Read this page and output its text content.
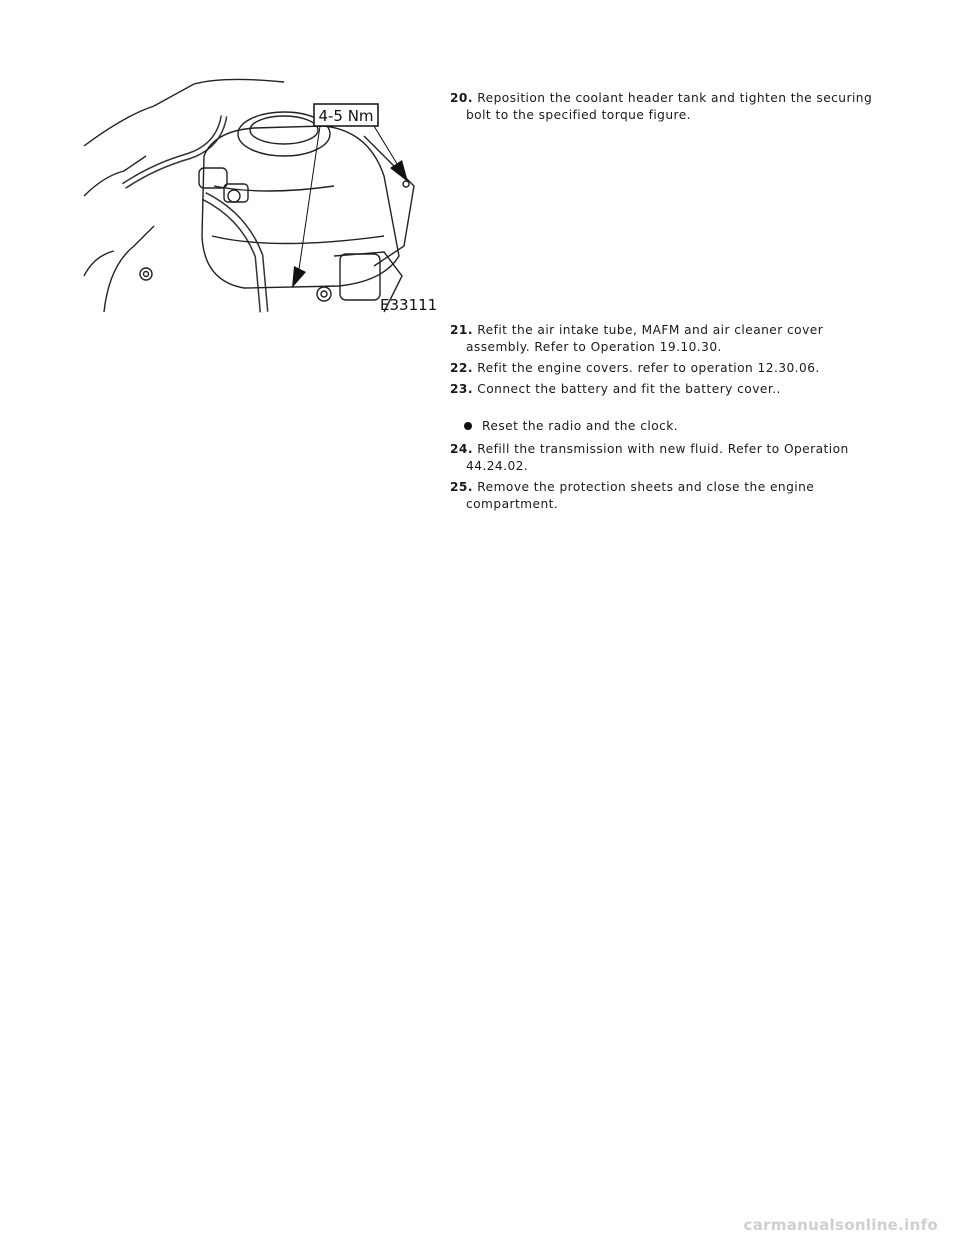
4-5 Nm
E33111
20. Reposition the coolant header tank and tighten the securing
bolt to the specified torque figure.
21. Refit the air intake tube, MAFM and air cleaner cover
assembly. Refer to Operation 19.10.30.
22. Refit the engine covers. refer to operation 12.30.06.
23. Connect the battery and fit the battery cover..
Reset the radio and the clock.
24. Refill the transmission with new fluid. Refer to Operation
44.24.02.
25. Remove the protection sheets and close the engine
compartment.
carmanualsonline.info
